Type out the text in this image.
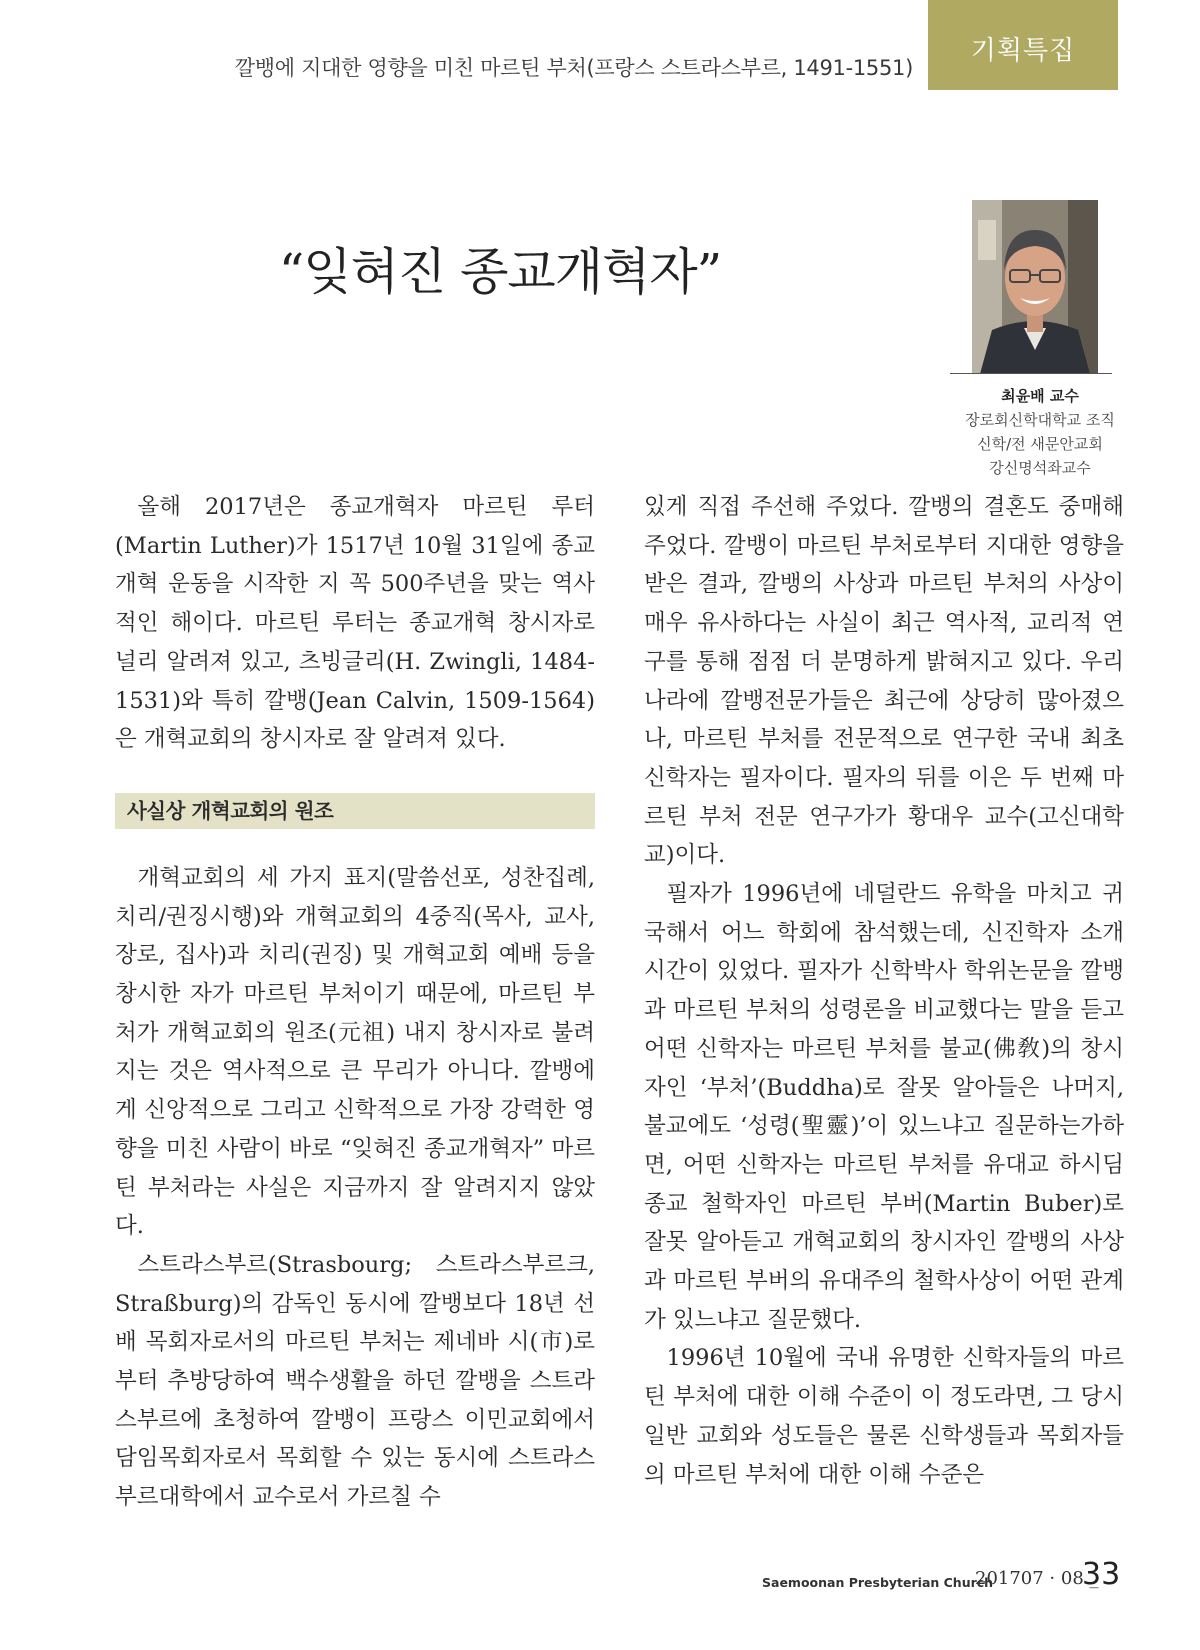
깔뱅에 지대한 영향을 미친 마르틴 부처(프랑스 스트라스부르, 1491-1551)
기획특집
“잊혀진 종교개혁자”
최윤배 교수
장로회신학대학교 조직
신학/전 새문안교회
강신명석좌교수

올해 2017년은 종교개혁자 마르틴 루터(Martin Luther)가 1517년 10월 31일에 종교개혁 운동을 시작한 지 꼭 500주년을 맞는 역사적인 해이다. 마르틴 루터는 종교개혁 창시자로 널리 알려져 있고, 츠빙글리(H. Zwingli, 1484-1531)와 특히 깔뱅(Jean Calvin, 1509-1564)은 개혁교회의 창시자로 잘 알려져 있다.

사실상 개혁교회의 원조

개혁교회의 세 가지 표지(말씀선포, 성찬집례, 치리/권징시행)와 개혁교회의 4중직(목사, 교사, 장로, 집사)과 치리(권징) 및 개혁교회 예배 등을 창시한 자가 마르틴 부처이기 때문에, 마르틴 부처가 개혁교회의 원조(元祖) 내지 창시자로 불려지는 것은 역사적으로 큰 무리가 아니다. 깔뱅에게 신앙적으로 그리고 신학적으로 가장 강력한 영향을 미친 사람이 바로 “잊혀진 종교개혁자” 마르틴 부처라는 사실은 지금까지 잘 알려지지 않았다.

스트라스부르(Strasbourg; 스트라스부르크, Straßburg)의 감독인 동시에 깔뱅보다 18년 선배 목회자로서의 마르틴 부처는 제네바 시(市)로부터 추방당하여 백수생활을 하던 깔뱅을 스트라스부르에 초청하여 깔뱅이 프랑스 이민교회에서 담임목회자로서 목회할 수 있는 동시에 스트라스부르대학에서 교수로서 가르칠 수

있게 직접 주선해 주었다. 깔뱅의 결혼도 중매해 주었다. 깔뱅이 마르틴 부처로부터 지대한 영향을 받은 결과, 깔뱅의 사상과 마르틴 부처의 사상이 매우 유사하다는 사실이 최근 역사적, 교리적 연구를 통해 점점 더 분명하게 밝혀지고 있다. 우리나라에 깔뱅전문가들은 최근에 상당히 많아졌으나, 마르틴 부처를 전문적으로 연구한 국내 최초 신학자는 필자이다. 필자의 뒤를 이은 두 번째 마르틴 부처 전문 연구가가 황대우 교수(고신대학교)이다.

필자가 1996년에 네덜란드 유학을 마치고 귀국해서 어느 학회에 참석했는데, 신진학자 소개 시간이 있었다. 필자가 신학박사 학위논문을 깔뱅과 마르틴 부처의 성령론을 비교했다는 말을 듣고 어떤 신학자는 마르틴 부처를 불교(佛敎)의 창시자인 ‘부처’(Buddha)로 잘못 알아들은 나머지, 불교에도 ‘성령(聖靈)’이 있느냐고 질문하는가하면, 어떤 신학자는 마르틴 부처를 유대교 하시딤 종교 철학자인 마르틴 부버(Martin Buber)로 잘못 알아듣고 개혁교회의 창시자인 깔뱅의 사상과 마르틴 부버의 유대주의 철학사상이 어떤 관계가 있느냐고 질문했다.

1996년 10월에 국내 유명한 신학자들의 마르틴 부처에 대한 이해 수준이 이 정도라면, 그 당시 일반 교회와 성도들은 물론 신학생들과 목회자들의 마르틴 부처에 대한 이해 수준은

Saemoonan Presbyterian Church
201707 · 08 _
33
